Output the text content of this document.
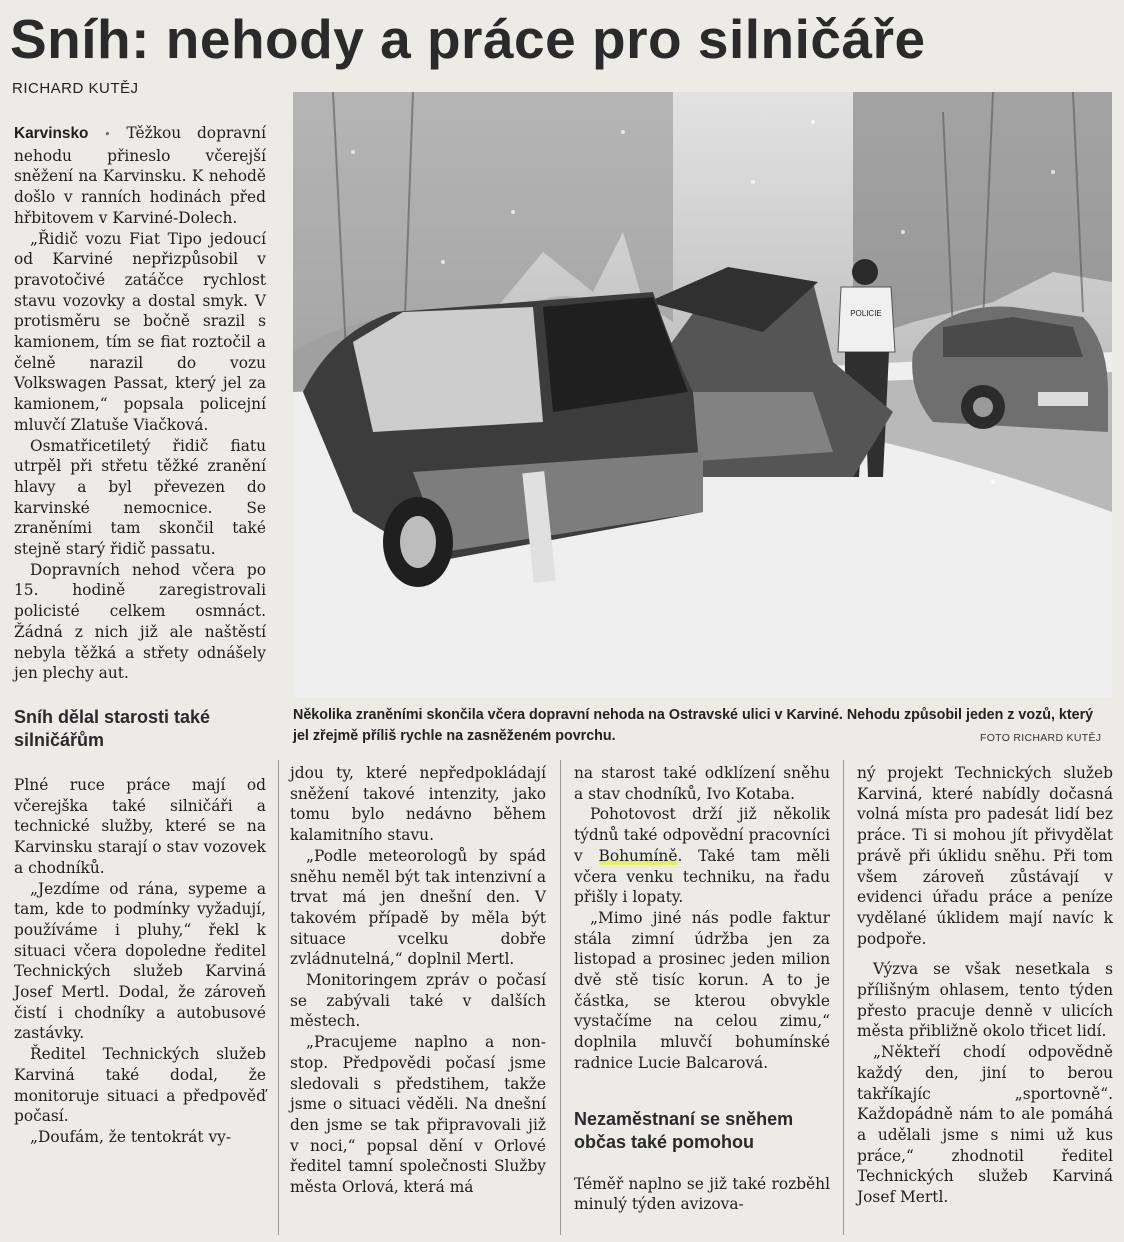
Sníh: nehody a práce pro silničáře
RICHARD KUTĚJ

Karvinsko • Těžkou dopravní nehodu přineslo včerejší sněžení na Karvinsku. K nehodě došlo v ranních hodinách před hřbitovem v Karviné-Dolech.

„Řidič vozu Fiat Tipo jedoucí od Karviné nepřizpůsobil v pravotočivé zatáčce rychlost stavu vozovky a dostal smyk. V protisměru se bočně srazil s kamionem, tím se fiat roztočil a čelně narazil do vozu Volkswagen Passat, který jel za kamionem,“ popsala policejní mluvčí Zlatuše Viačková.

Osmatřicetiletý řidič fiatu utrpěl při střetu těžké zranění hlavy a byl převezen do karvinské nemocnice. Se zraněními tam skončil také stejně starý řidič passatu.

Dopravních nehod včera po 15. hodině zaregistrovali policisté celkem osmnáct. Žádná z nich již ale naštěstí nebyla těžká a střety odnášely jen plechy aut.

Sníh dělal starosti také silničářům

Plné ruce práce mají od včerejška také silničáři a technické služby, které se na Karvinsku starají o stav vozovek a chodníků.

„Jezdíme od rána, sypeme a tam, kde to podmínky vyžadují, používáme i pluhy,“ řekl k situaci včera dopoledne ředitel Technických služeb Karviná Josef Mertl. Dodal, že zároveň čistí i chodníky a autobusové zastávky.

Ředitel Technických služeb Karviná také dodal, že monitoruje situaci a předpověď počasí.

„Doufám, že tentokrát vy-

POLICIE
Několika zraněními skončila včera dopravní nehoda na Ostravské ulici v Karviné. Nehodu způsobil jeden z vozů, který jel zřejmě příliš rychle na zasněženém povrchu.	FOTO RICHARD KUTĚJ

jdou ty, které nepředpokládají sněžení takové intenzity, jako tomu bylo nedávno během kalamitního stavu.

„Podle meteorologů by spád sněhu neměl být tak intenzivní a trvat má jen dnešní den. V takovém případě by měla být situace vcelku dobře zvládnutelná,“ doplnil Mertl.

Monitoringem zpráv o počasí se zabývali také v dalších městech.

„Pracujeme naplno a non-stop. Předpovědi počasí jsme sledovali s předstihem, takže jsme o situaci věděli. Na dnešní den jsme se tak připravovali již v noci,“ popsal dění v Orlové ředitel tamní společnosti Služby města Orlová, která má

na starost také odklízení sněhu a stav chodníků, Ivo Kotaba.

Pohotovost drží již několik týdnů také odpovědní pracovníci v Bohumíně. Také tam měli včera venku techniku, na řadu přišly i lopaty.

„Mimo jiné nás podle faktur stála zimní údržba jen za listopad a prosinec jeden milion dvě stě tisíc korun. A to je částka, se kterou obvykle vystačíme na celou zimu,“ doplnila mluvčí bohumínské radnice Lucie Balcarová.

Nezaměstnaní se sněhem občas také pomohou

Téměř naplno se již také rozběhl minulý týden avizova-

ný projekt Technických služeb Karviná, které nabídly dočasná volná místa pro padesát lidí bez práce. Ti si mohou jít přivydělat právě při úklidu sněhu. Při tom všem zároveň zůstávají v evidenci úřadu práce a peníze vydělané úklidem mají navíc k podpoře.

Výzva se však nesetkala s přílišným ohlasem, tento týden přesto pracuje denně v ulicích města přibližně okolo třicet lidí.

„Někteří chodí odpovědně každý den, jiní to berou takříkajíc „sportovně“. Každopádně nám to ale pomáhá a udělali jsme s nimi už kus práce,“ zhodnotil ředitel Technických služeb Karviná Josef Mertl.
